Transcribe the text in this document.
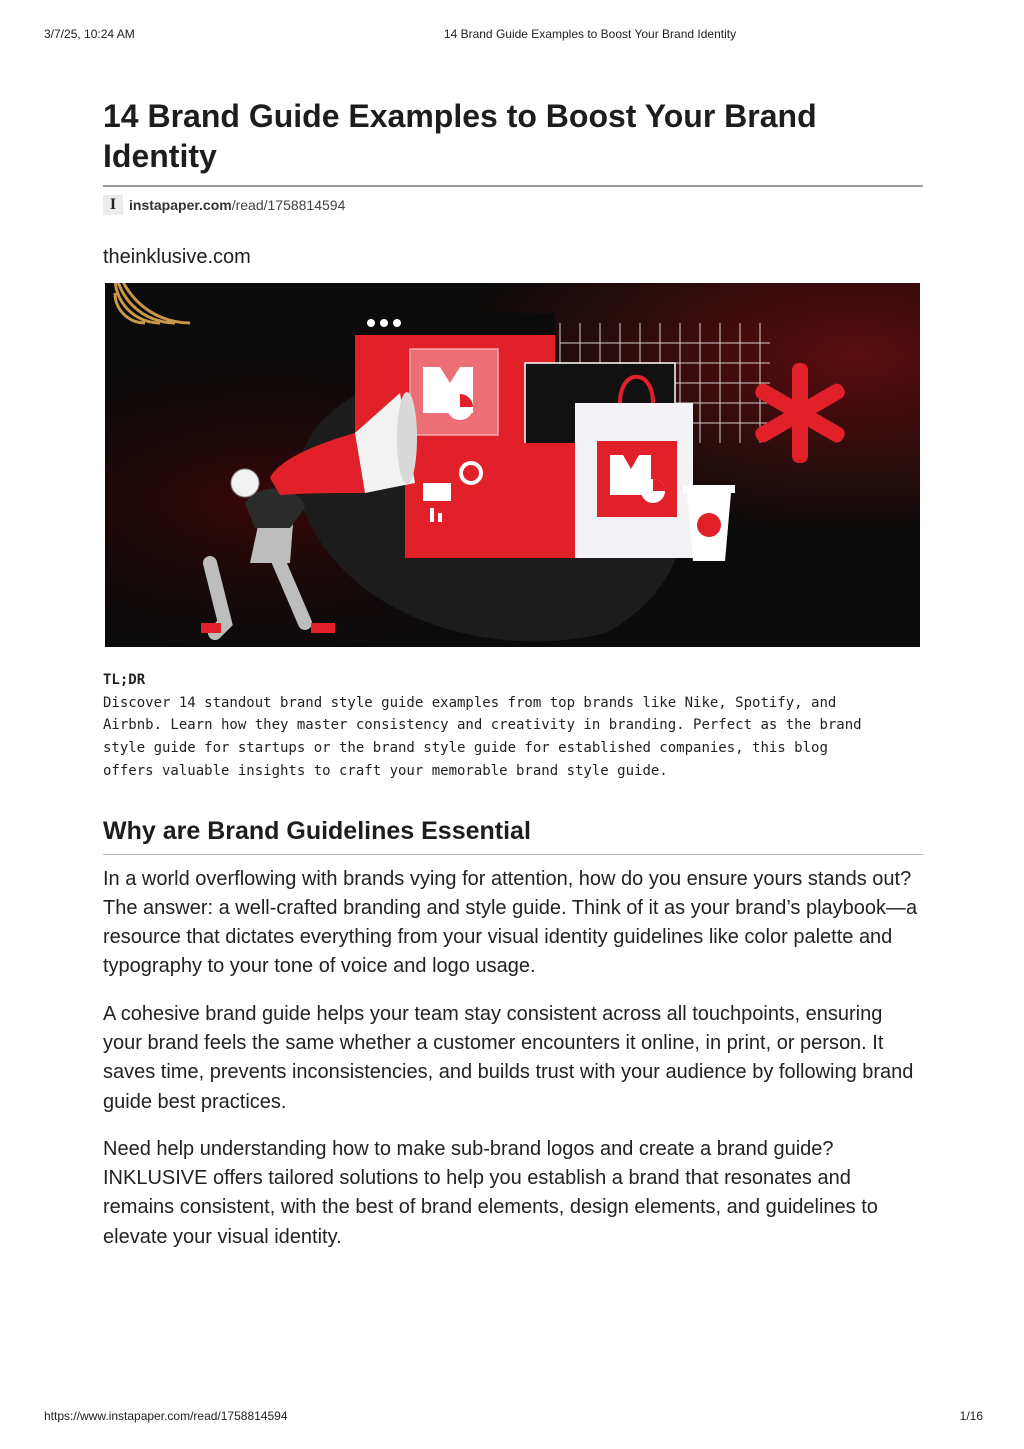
3/7/25, 10:24 AM	14 Brand Guide Examples to Boost Your Brand Identity
14 Brand Guide Examples to Boost Your Brand Identity
I instapaper.com/read/1758814594
theinklusive.com
TL;DR
Discover 14 standout brand style guide examples from top brands like Nike, Spotify, and
Airbnb. Learn how they master consistency and creativity in branding. Perfect as the brand
style guide for startups or the brand style guide for established companies, this blog
offers valuable insights to craft your memorable brand style guide.
Why are Brand Guidelines Essential

In a world overflowing with brands vying for attention, how do you ensure yours stands out? The answer: a well-crafted branding and style guide. Think of it as your brand’s playbook—a resource that dictates everything from your visual identity guidelines like color palette and typography to your tone of voice and logo usage.

A cohesive brand guide helps your team stay consistent across all touchpoints, ensuring your brand feels the same whether a customer encounters it online, in print, or person. It saves time, prevents inconsistencies, and builds trust with your audience by following brand guide best practices.

Need help understanding how to make sub-brand logos and create a brand guide? INKLUSIVE offers tailored solutions to help you establish a brand that resonates and remains consistent, with the best of brand elements, design elements, and guidelines to elevate your visual identity.

https://www.instapaper.com/read/1758814594	1/16
